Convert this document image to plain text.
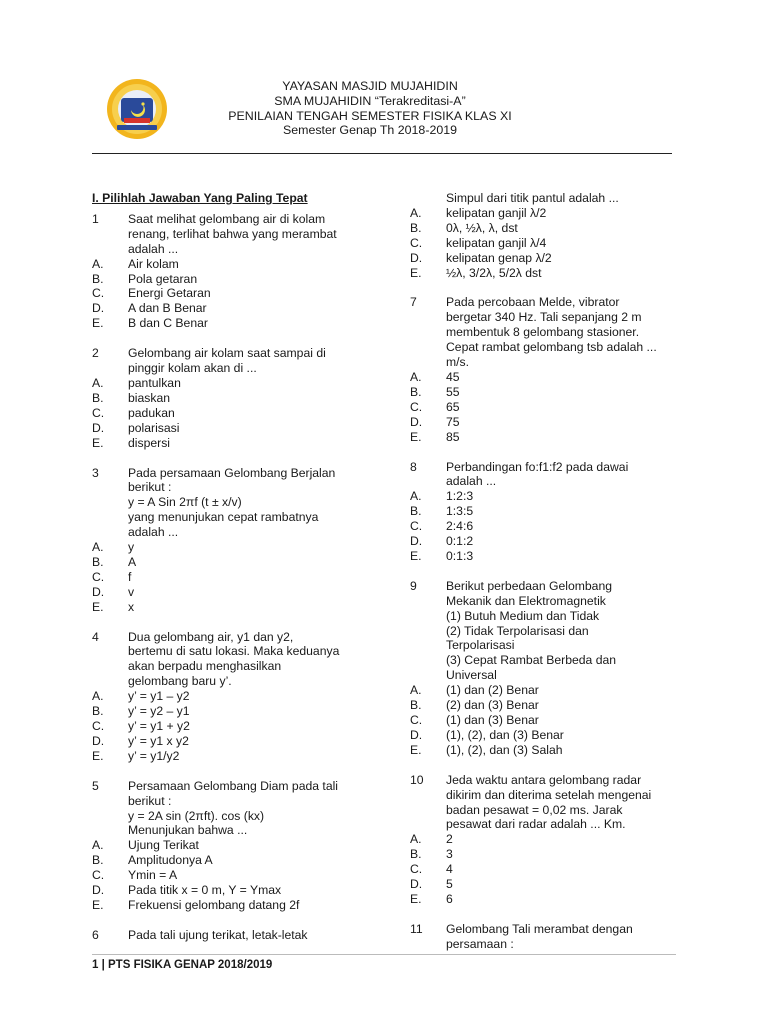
YAYASAN MASJID MUJAHIDIN
SMA MUJAHIDIN “Terakreditasi-A”
PENILAIAN TENGAH SEMESTER FISIKA KLAS XI
Semester Genap Th 2018-2019
I. Pilihlah Jawaban Yang Paling Tepat
1	Saat melihat gelombang air di kolam
renang, terlihat bahwa yang merambat
adalah ...
A.	Air kolam
B.	Pola getaran
C.	Energi Getaran
D.	A dan B Benar
E.	B dan C Benar
2	Gelombang air kolam saat sampai di
pinggir kolam akan di ...
A.	pantulkan
B.	biaskan
C.	padukan
D.	polarisasi
E.	dispersi
3	Pada persamaan Gelombang Berjalan
berikut :
y = A Sin 2πf (t ± x/v)
yang menunjukan cepat rambatnya
adalah ...
A.	y
B.	A
C.	f
D.	v
E.	x
4	Dua gelombang air, y1 dan y2,
bertemu di satu lokasi. Maka keduanya
akan berpadu menghasilkan
gelombang baru y’.
A.	y’ = y1 – y2
B.	y’ = y2 – y1
C.	y’ = y1 + y2
D.	y’ = y1 x y2
E.	y’ = y1/y2
5	Persamaan Gelombang Diam pada tali
berikut :
y = 2A sin (2πft). cos (kx)
Menunjukan bahwa ...
A.	Ujung Terikat
B.	Amplitudonya A
C.	Ymin = A
D.	Pada titik x = 0 m, Y = Ymax
E.	Frekuensi gelombang datang 2f
6	Pada tali ujung terikat, letak-letak
Simpul dari titik pantul adalah ...
A.	kelipatan ganjil λ/2
B.	0λ, ½λ, λ, dst
C.	kelipatan ganjil λ/4
D.	kelipatan genap λ/2
E.	½λ, 3/2λ, 5/2λ dst
7	Pada percobaan Melde, vibrator
bergetar 340 Hz. Tali sepanjang 2 m
membentuk 8 gelombang stasioner.
Cepat rambat gelombang tsb adalah ...
m/s.
A.	45
B.	55
C.	65
D.	75
E.	85
8	Perbandingan fo:f1:f2 pada dawai
adalah ...
A.	1:2:3
B.	1:3:5
C.	2:4:6
D.	0:1:2
E.	0:1:3
9	Berikut perbedaan Gelombang
Mekanik dan Elektromagnetik
(1) Butuh Medium dan Tidak
(2) Tidak Terpolarisasi dan
Terpolarisasi
(3) Cepat Rambat Berbeda dan
Universal
A.	(1) dan (2) Benar
B.	(2) dan (3) Benar
C.	(1) dan (3) Benar
D.	(1), (2), dan (3) Benar
E.	(1), (2), dan (3) Salah
10	Jeda waktu antara gelombang radar
dikirim dan diterima setelah mengenai
badan pesawat = 0,02 ms. Jarak
pesawat dari radar adalah ... Km.
A.	2
B.	3
C.	4
D.	5
E.	6
11	Gelombang Tali merambat dengan
persamaan :
1 | PTS FISIKA GENAP 2018/2019
